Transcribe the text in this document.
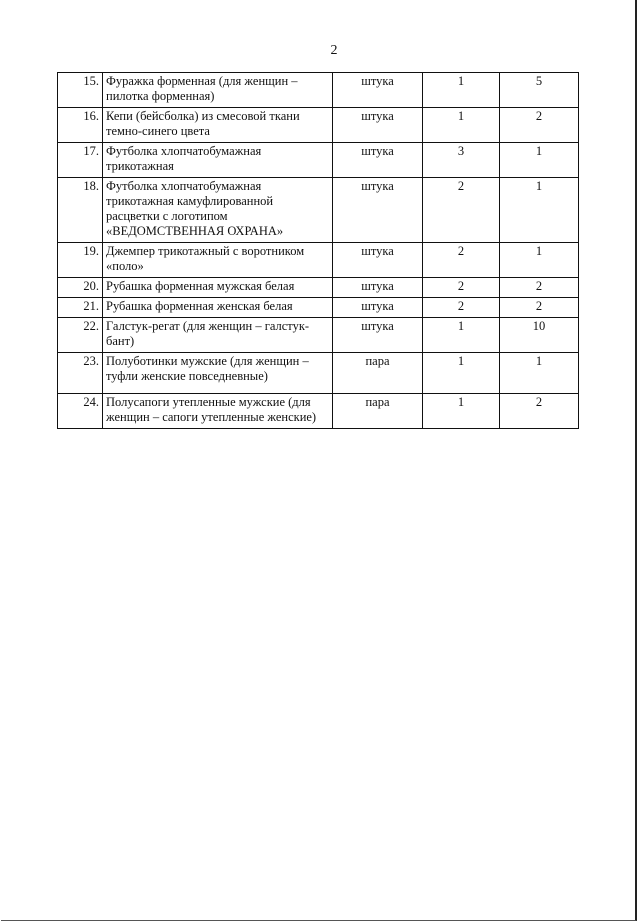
2
15.	Фуражка форменная (для женщин – пилотка форменная)	штука	1	5
16.	Кепи (бейсболка) из смесовой ткани темно-синего цвета	штука	1	2
17.	Футболка хлопчатобумажная трикотажная	штука	3	1
18.	Футболка хлопчатобумажная трикотажная камуфлированной расцветки с логотипом «ВЕДОМСТВЕННАЯ ОХРАНА»	штука	2	1
19.	Джемпер трикотажный с воротником «поло»	штука	2	1
20.	Рубашка форменная мужская белая	штука	2	2
21.	Рубашка форменная женская белая	штука	2	2
22.	Галстук-регат (для женщин – галстук-бант)	штука	1	10
23.	Полуботинки мужские (для женщин – туфли женские повседневные)	пара	1	1
24.	Полусапоги утепленные мужские (для женщин – сапоги утепленные женские)	пара	1	2
